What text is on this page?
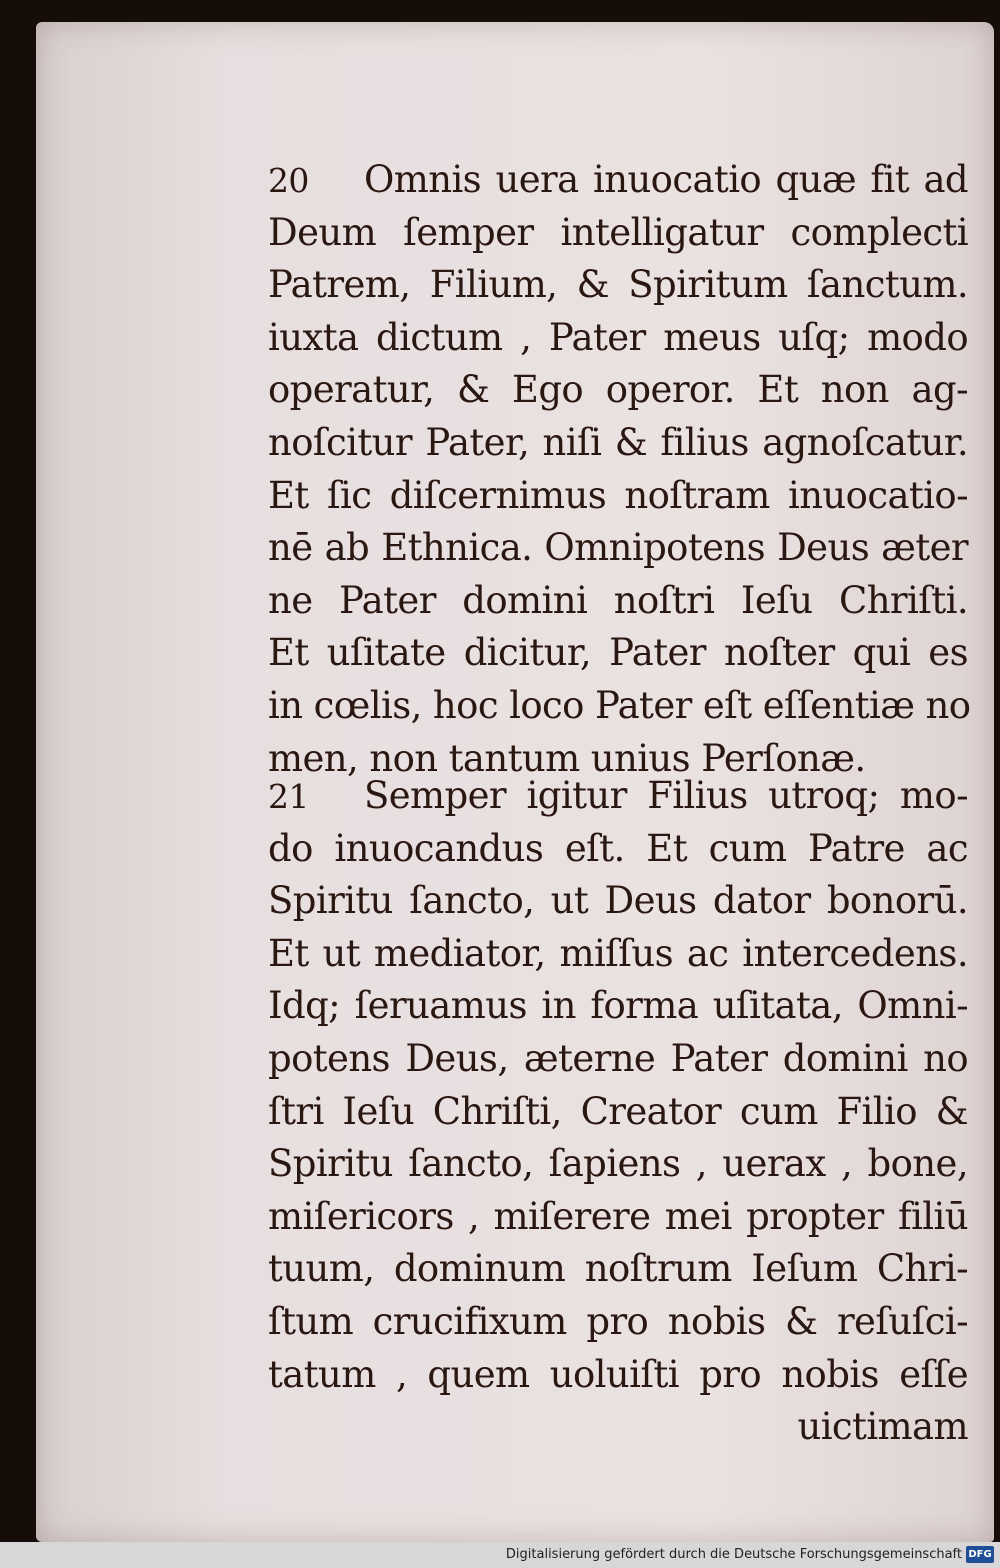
20 Omnis uera inuocatio quæ fit ad
Deum ſemper intelligatur complecti
Patrem, Filium, & Spiritum ſanctum.
iuxta dictum , Pater meus uſq; modo
operatur, & Ego operor. Et non ag-
noſcitur Pater, niſi & filius agnoſcatur.
Et ſic diſcernimus noſtram inuocatio-
nē ab Ethnica. Omnipotens Deus æter
ne Pater domini noſtri Ieſu Chriſti.
Et uſitate dicitur, Pater noſter qui es
in cœlis, hoc loco Pater eſt eſſentiæ no
men, non tantum unius Perſonæ.
21 Semper igitur Filius utroq; mo-
do inuocandus eſt. Et cum Patre ac
Spiritu ſancto, ut Deus dator bonorū.
Et ut mediator, miſſus ac intercedens.
Idq; ſeruamus in forma uſitata, Omni-
potens Deus, æterne Pater domini no
ſtri Ieſu Chriſti, Creator cum Filio &
Spiritu ſancto, ſapiens , uerax , bone,
miſericors , miſerere mei propter filiū
tuum, dominum noſtrum Ieſum Chri-
ſtum crucifixum pro nobis & reſuſci-
tatum , quem uoluiſti pro nobis eſſe
uictimam
Digitalisierung gefördert durch die Deutsche Forschungsgemeinschaft DFG
